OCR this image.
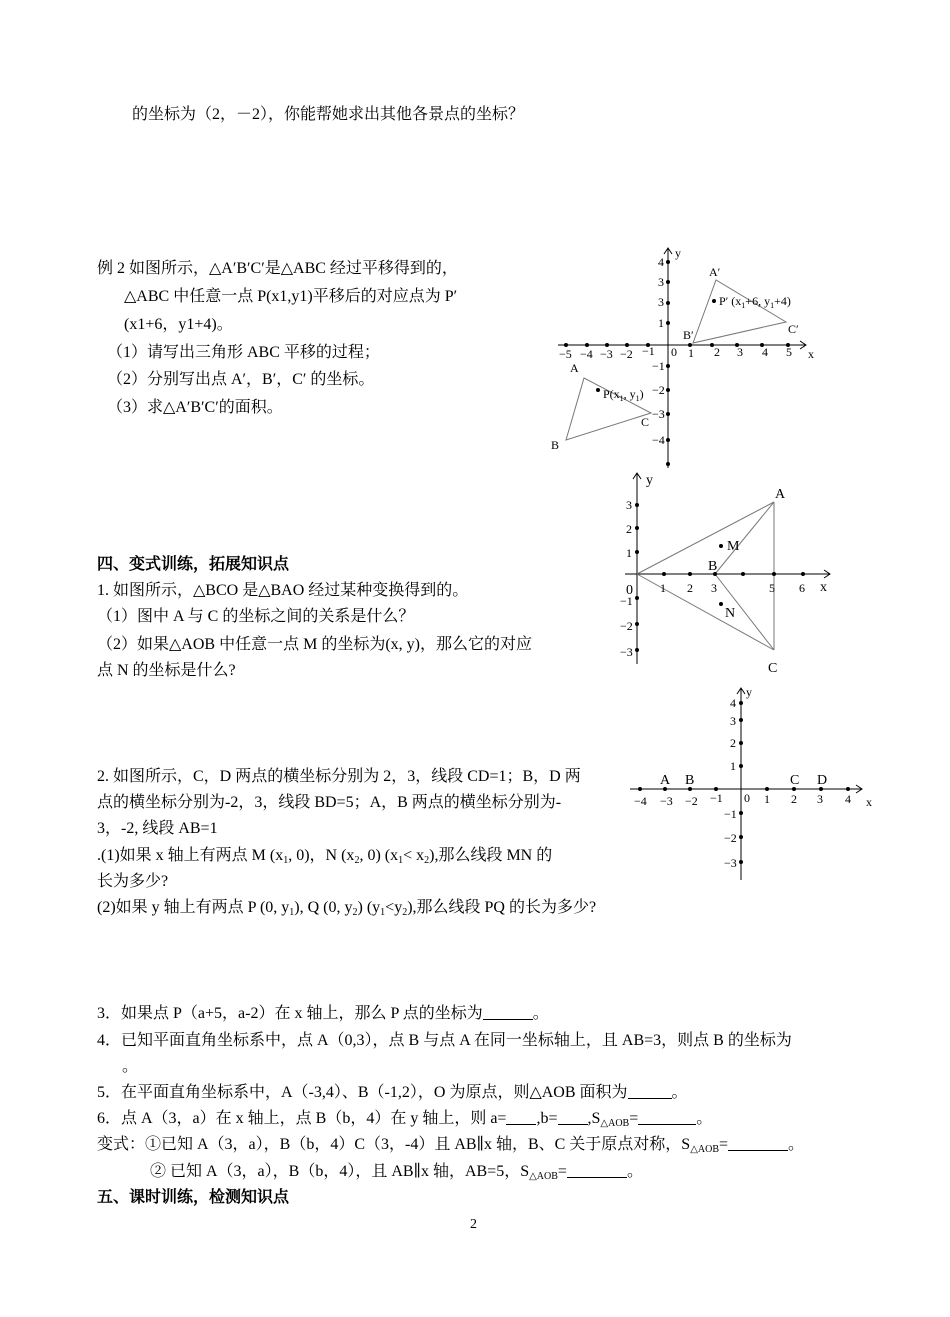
的坐标为（2，－2），你能帮她求出其他各景点的坐标？
例 2 如图所示，△A′B′C′是△ABC 经过平移得到的，
△ABC 中任意一点 P(x1,y1)平移后的对应点为 P′
(x1+6，y1+4)。
（1）请写出三角形 ABC 平移的过程；
（2）分别写出点 A′，B′，C′ 的坐标。
（3）求△A′B′C′的面积。
四、变式训练，拓展知识点
1. 如图所示，△BCO 是△BAO 经过某种变换得到的。
（1）图中 A 与 C 的坐标之间的关系是什么？
（2）如果△AOB 中任意一点 M 的坐标为(x, y)，那么它的对应
点 N 的坐标是什么?
2. 如图所示，C，D 两点的横坐标分别为 2，3，线段 CD=1；B，D 两
点的横坐标分别为-2，3，线段 BD=5；A，B 两点的横坐标分别为-
3，-2, 线段 AB=1
.(1)如果 x 轴上有两点 M ($x_1$, 0)，N ($x_2$, 0) $(x_1< x_2)$,那么线段 MN 的
长为多少?
(2)如果 y 轴上有两点 P (0, $y_1$), Q (0, $y_2$) $(y_1<y_2)$,那么线段 PQ 的长为多少?
3．如果点 P（a+5，a-2）在 x 轴上，那么 P 点的坐标为	。
4．已知平面直角坐标系中，点 A（0,3），点 B 与点 A 在同一坐标轴上，且 AB=3，则点 B 的坐标为
。
5．在平面直角坐标系中，A（-3,4）、B（-1,2），O 为原点，则△AOB 面积为	。
6．点 A（3，a）在 x 轴上，点 B（b，4）在 y 轴上，则 $a= ,b= ,S_{\triangle AOB}=$	。
变式：①已知 A（3，a），B（b，4）C（3，-4）且 AB∥x 轴，B、C 关于原点对称，$S_{\triangle AOB}=$	。
② 已知 A（3，a），B（b，4），且 AB∥x 轴，AB=5，$S_{\triangle AOB}=$	。
五、课时训练，检测知识点
2
x
y
0
−5 −4 −3 −2 −1	1 2 3 4 5
4
3
3
1
−1
−2
−3
−4
A
B
C
A′
B′	C′
$P(x_1$, $y_1$)
P′ ($x_1+6$, $y_1+4$)
x
y
0 1 2 3	5 6
3
2
1
−1
−2
−3
A
B
C
M
N
x
y
0
−4 −3 −2 −1	1 2 3 4
4
3
2
1
−1
−2
−3
A B	C D
